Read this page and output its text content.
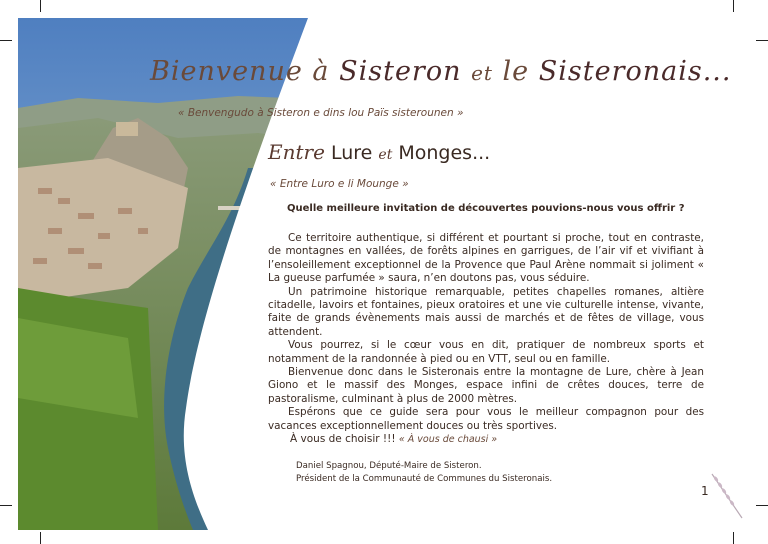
Bienvenue à Sisteron et le Sisteronais...
« Benvengudo à Sisteron e dins lou Païs sisterounen »
Entre Lure et Monges...
« Entre Luro e li Mounge »
Quelle meilleure invitation de découvertes pouvions-nous vous offrir ?

Ce territoire authentique, si différent et pourtant si proche, tout en contraste, de montagnes en vallées, de forêts alpines en garrigues, de l’air vif et vivifiant à l’ensoleillement exceptionnel de la Provence que Paul Arène nommait si joliment « La gueuse parfumée » saura, n’en doutons pas, vous séduire.

Un patrimoine historique remarquable, petites chapelles romanes, altière citadelle, lavoirs et fontaines, pieux oratoires et une vie culturelle intense, vivante, faite de grands évènements mais aussi de marchés et de fêtes de village, vous attendent.

Vous pourrez, si le cœur vous en dit, pratiquer de nombreux sports et notamment de la randonnée à pied ou en VTT, seul ou en famille.

Bienvenue donc dans le Sisteronais entre la montagne de Lure, chère à Jean Giono et le massif des Monges, espace infini de crêtes douces, terre de pastoralisme, culminant à plus de 2000 mètres.

Espérons que ce guide sera pour vous le meilleur compagnon pour des vacances exceptionnellement douces ou très sportives.

À vous de choisir !!! « À vous de chausi »
Daniel Spagnou, Député-Maire de Sisteron.
Président de la Communauté de Communes du Sisteronais.
1
